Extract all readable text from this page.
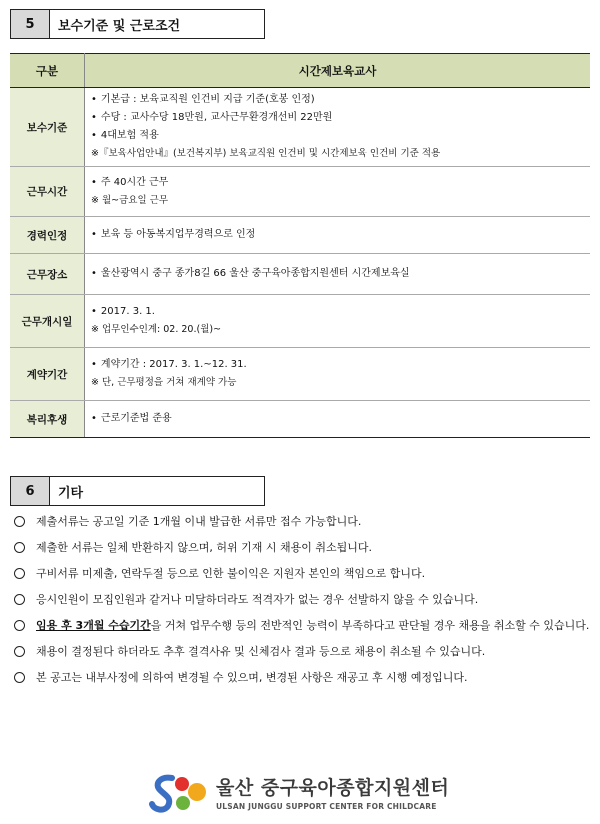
5	보수기준 및 근로조건
구분	시간제보육교사
보수기준	• 기본급 : 보육교직원 인건비 지급 기준(호봉 인정)
• 수당 : 교사수당 18만원, 교사근무환경개선비 22만원
• 4대보험 적용
※『보육사업안내』(보건복지부) 보육교직원 인건비 및 시간제보육 인건비 기준 적용

근무시간	• 주 40시간 근무
※ 월~금요일 근무

경력인정	• 보육 등 아동복지업무경력으로 인정

근무장소	• 울산광역시 중구 종가8길 66 울산 중구육아종합지원센터 시간제보육실

근무개시일	• 2017. 3. 1.
※ 업무인수인계: 02. 20.(월)~

계약기간	• 계약기간 : 2017. 3. 1.~12. 31.
※ 단, 근무평정을 거쳐 재계약 가능

복리후생	• 근로기준법 준용
6	기타
제출서류는 공고일 기준 1개월 이내 발급한 서류만 접수 가능합니다.
제출한 서류는 일체 반환하지 않으며, 허위 기재 시 채용이 취소됩니다.
구비서류 미제출, 연락두절 등으로 인한 불이익은 지원자 본인의 책임으로 합니다.
응시인원이 모집인원과 같거나 미달하더라도 적격자가 없는 경우 선발하지 않을 수 있습니다.
임용 후 3개월 수습기간을 거쳐 업무수행 등의 전반적인 능력이 부족하다고 판단될 경우 채용을 취소할 수 있습니다.
채용이 결정된다 하더라도 추후 결격사유 및 신체검사 결과 등으로 채용이 취소될 수 있습니다.
본 공고는 내부사정에 의하여 변경될 수 있으며, 변경된 사항은 재공고 후 시행 예정입니다.
울산 중구육아종합지원센터
ULSAN JUNGGU SUPPORT CENTER FOR CHILDCARE
